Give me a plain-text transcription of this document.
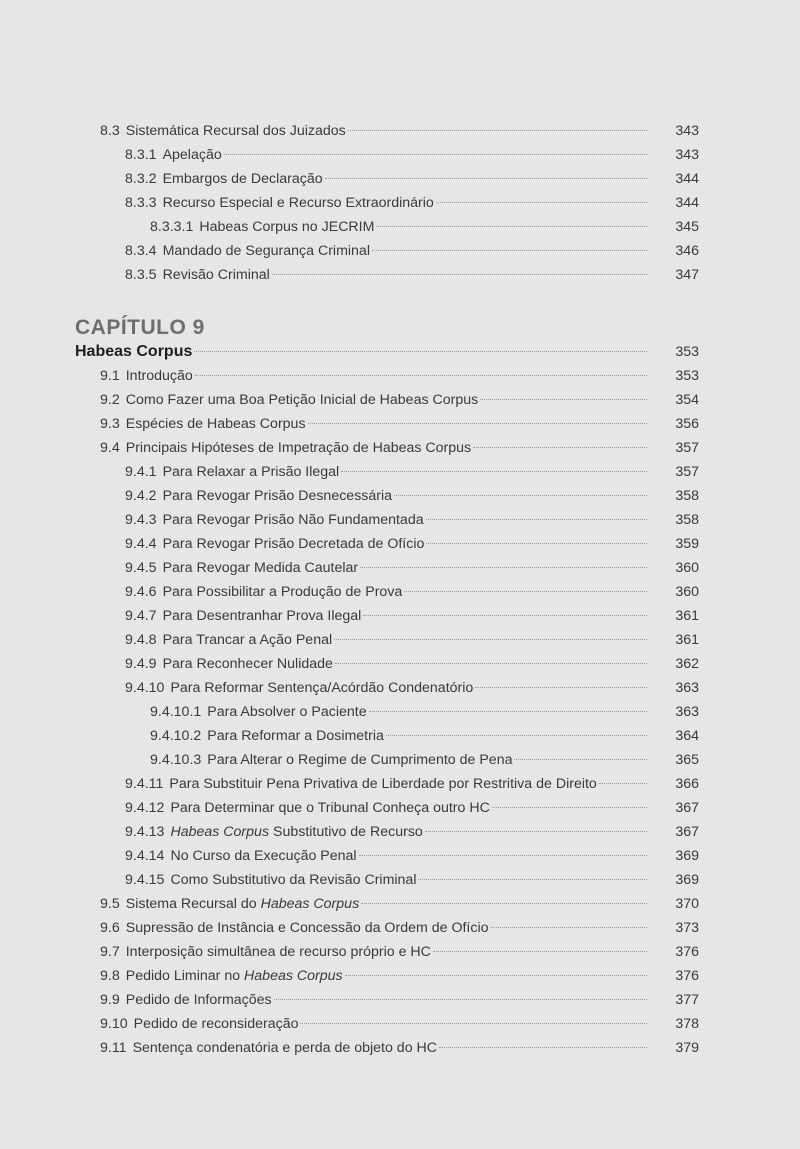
CAPÍTULO 9
Habeas Corpus	353
8.3 Sistemática Recursal dos Juizados	343
8.3.1 Apelação	343
8.3.2 Embargos de Declaração	344
8.3.3 Recurso Especial e Recurso Extraordinário	344
8.3.3.1 Habeas Corpus no JECRIM	345
8.3.4 Mandado de Segurança Criminal	346
8.3.5 Revisão Criminal	347
9.1 Introdução	353
9.2 Como Fazer uma Boa Petição Inicial de Habeas Corpus	354
9.3 Espécies de Habeas Corpus	356
9.4 Principais Hipóteses de Impetração de Habeas Corpus	357
9.4.1 Para Relaxar a Prisão Ilegal	357
9.4.2 Para Revogar Prisão Desnecessária	358
9.4.3 Para Revogar Prisão Não Fundamentada	358
9.4.4 Para Revogar Prisão Decretada de Ofício	359
9.4.5 Para Revogar Medida Cautelar	360
9.4.6 Para Possibilitar a Produção de Prova	360
9.4.7 Para Desentranhar Prova Ilegal	361
9.4.8 Para Trancar a Ação Penal	361
9.4.9 Para Reconhecer Nulidade	362
9.4.10 Para Reformar Sentença/Acórdão Condenatório	363
9.4.10.1 Para Absolver o Paciente	363
9.4.10.2 Para Reformar a Dosimetria	364
9.4.10.3 Para Alterar o Regime de Cumprimento de Pena	365
9.4.11 Para Substituir Pena Privativa de Liberdade por Restritiva de Direito	366
9.4.12 Para Determinar que o Tribunal Conheça outro HC	367
9.4.13 Habeas Corpus Substitutivo de Recurso	367
9.4.14 No Curso da Execução Penal	369
9.4.15 Como Substitutivo da Revisão Criminal	369
9.5 Sistema Recursal do Habeas Corpus	370
9.6 Supressão de Instância e Concessão da Ordem de Ofício	373
9.7 Interposição simultânea de recurso próprio e HC	376
9.8 Pedido Liminar no Habeas Corpus	376
9.9 Pedido de Informações	377
9.10 Pedido de reconsideração	378
9.11 Sentença condenatória e perda de objeto do HC	379
